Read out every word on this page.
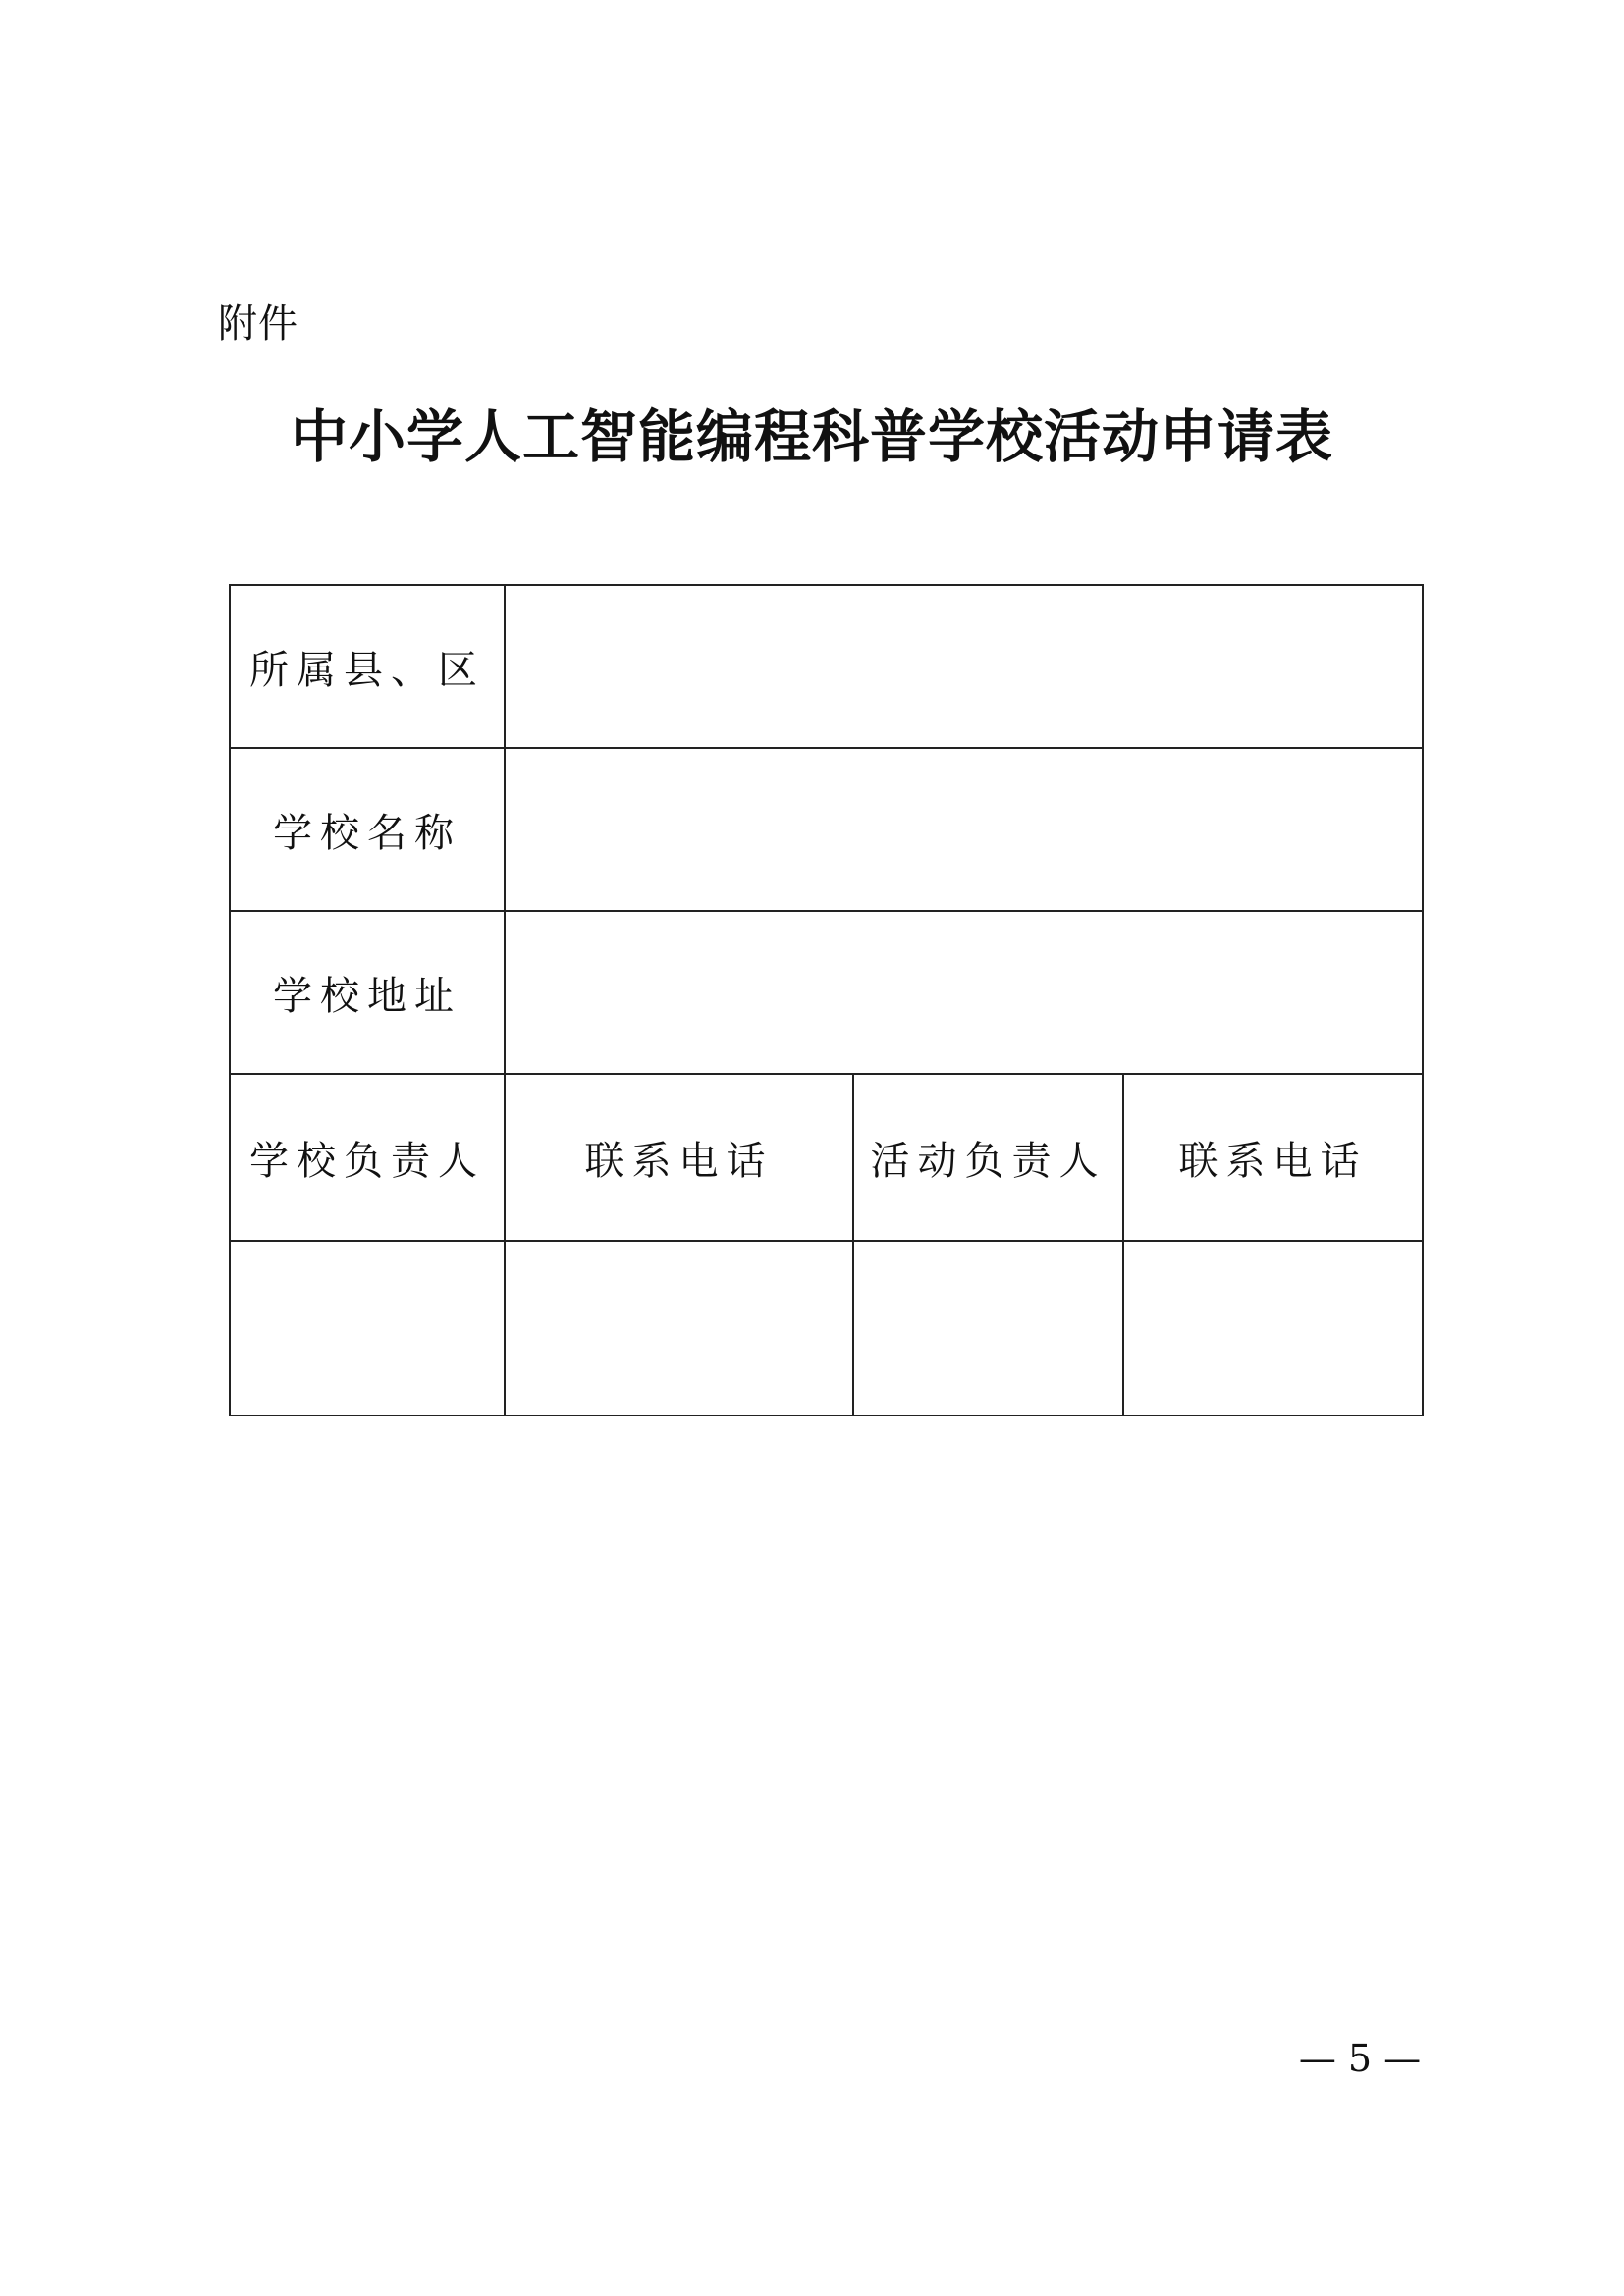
附件
中小学人工智能编程科普学校活动申请表
所属县、区			
学校名称			
学校地址			
学校负责人	联系电话	活动负责人	联系电话

— 5 —
